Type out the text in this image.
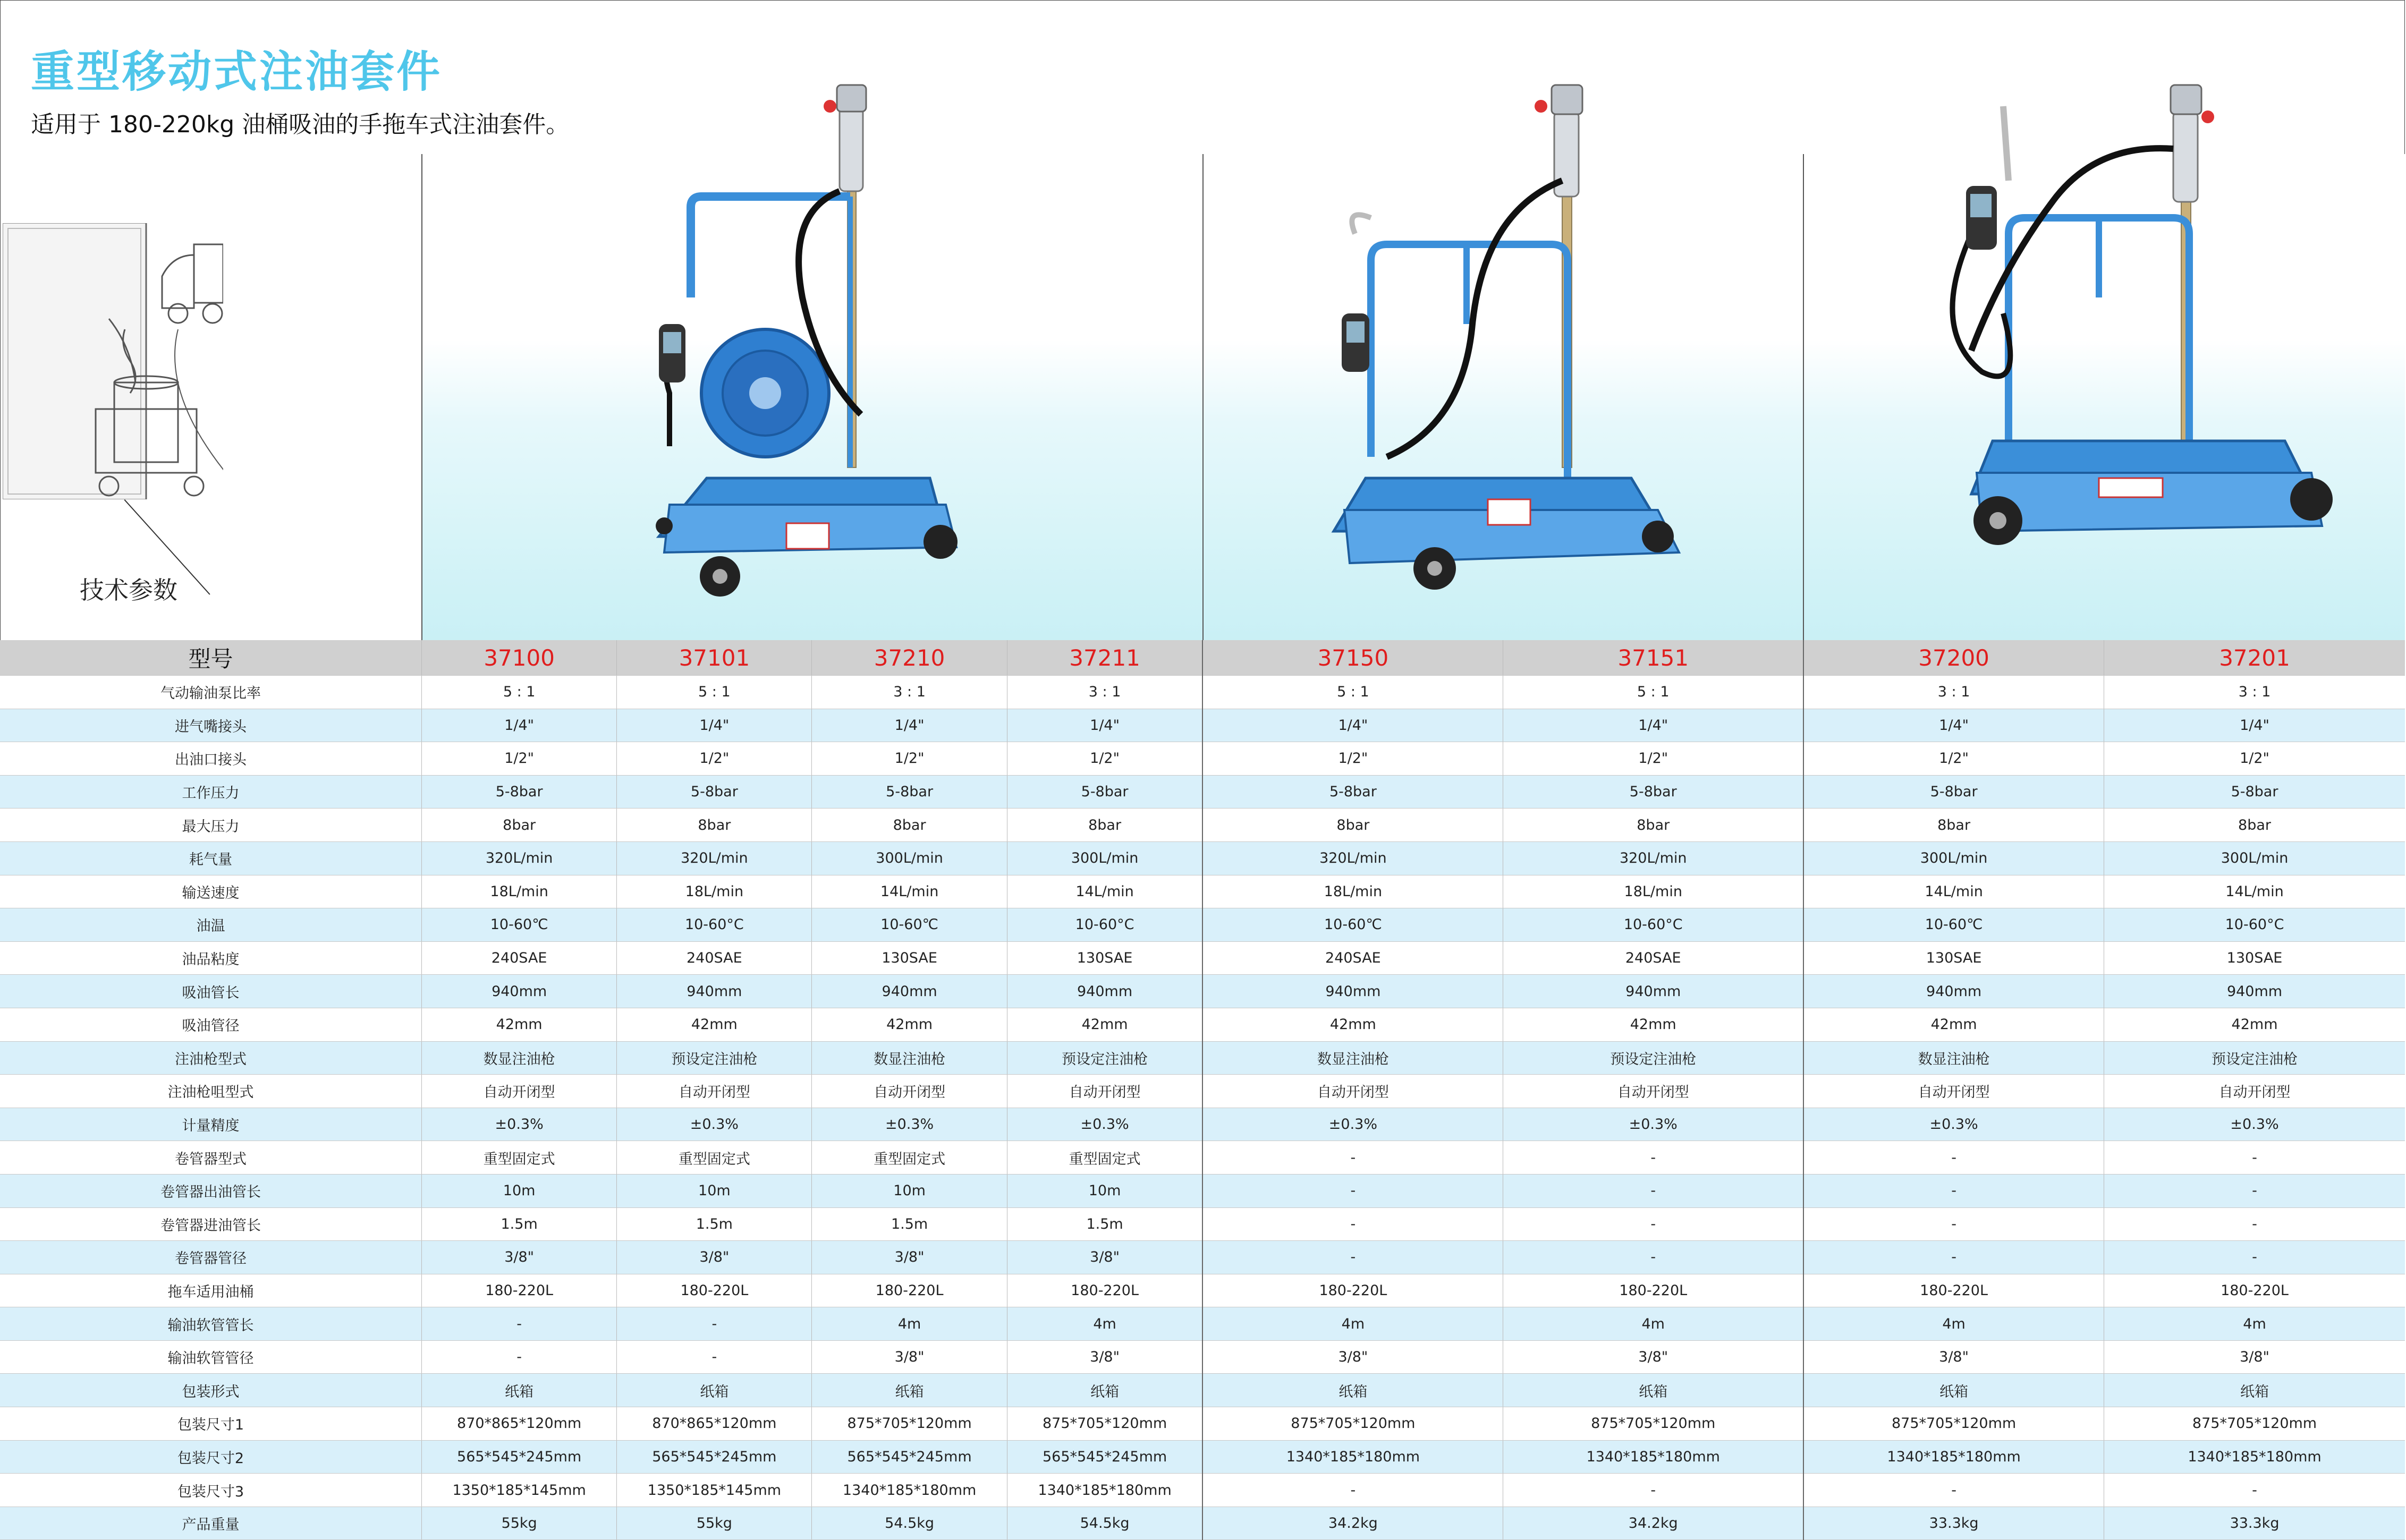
重型移动式注油套件
适用于 180-220kg 油桶吸油的手拖车式注油套件。
技术参数
型号	37100	37101	37210	37211	37150	37151	37200	37201
气动输油泵比率	5 : 1	5 : 1	3 : 1	3 : 1	5 : 1	5 : 1	3 : 1	3 : 1
进气嘴接头	1/4"	1/4"	1/4"	1/4"	1/4"	1/4"	1/4"	1/4"
出油口接头	1/2"	1/2"	1/2"	1/2"	1/2"	1/2"	1/2"	1/2"
工作压力	5-8bar	5-8bar	5-8bar	5-8bar	5-8bar	5-8bar	5-8bar	5-8bar
最大压力	8bar	8bar	8bar	8bar	8bar	8bar	8bar	8bar
耗气量	320L/min	320L/min	300L/min	300L/min	320L/min	320L/min	300L/min	300L/min
输送速度	18L/min	18L/min	14L/min	14L/min	18L/min	18L/min	14L/min	14L/min
油温	10-60℃	10-60°C	10-60℃	10-60°C	10-60℃	10-60°C	10-60℃	10-60°C
油品粘度	240SAE	240SAE	130SAE	130SAE	240SAE	240SAE	130SAE	130SAE
吸油管长	940mm	940mm	940mm	940mm	940mm	940mm	940mm	940mm
吸油管径	42mm	42mm	42mm	42mm	42mm	42mm	42mm	42mm
注油枪型式	数显注油枪	预设定注油枪	数显注油枪	预设定注油枪	数显注油枪	预设定注油枪	数显注油枪	预设定注油枪
注油枪咀型式	自动开闭型	自动开闭型	自动开闭型	自动开闭型	自动开闭型	自动开闭型	自动开闭型	自动开闭型
计量精度	±0.3%	±0.3%	±0.3%	±0.3%	±0.3%	±0.3%	±0.3%	±0.3%
卷管器型式	重型固定式	重型固定式	重型固定式	重型固定式	-	-	-	-
卷管器出油管长	10m	10m	10m	10m	-	-	-	-
卷管器进油管长	1.5m	1.5m	1.5m	1.5m	-	-	-	-
卷管器管径	3/8"	3/8"	3/8"	3/8"	-	-	-	-
拖车适用油桶	180-220L	180-220L	180-220L	180-220L	180-220L	180-220L	180-220L	180-220L
输油软管管长	-	-	4m	4m	4m	4m	4m	4m
输油软管管径	-	-	3/8"	3/8"	3/8"	3/8"	3/8"	3/8"
包装形式	纸箱	纸箱	纸箱	纸箱	纸箱	纸箱	纸箱	纸箱
包装尺寸1	870*865*120mm	870*865*120mm	875*705*120mm	875*705*120mm	875*705*120mm	875*705*120mm	875*705*120mm	875*705*120mm
包装尺寸2	565*545*245mm	565*545*245mm	565*545*245mm	565*545*245mm	1340*185*180mm	1340*185*180mm	1340*185*180mm	1340*185*180mm
包装尺寸3	1350*185*145mm	1350*185*145mm	1340*185*180mm	1340*185*180mm	-	-	-	-
产品重量	55kg	55kg	54.5kg	54.5kg	34.2kg	34.2kg	33.3kg	33.3kg
